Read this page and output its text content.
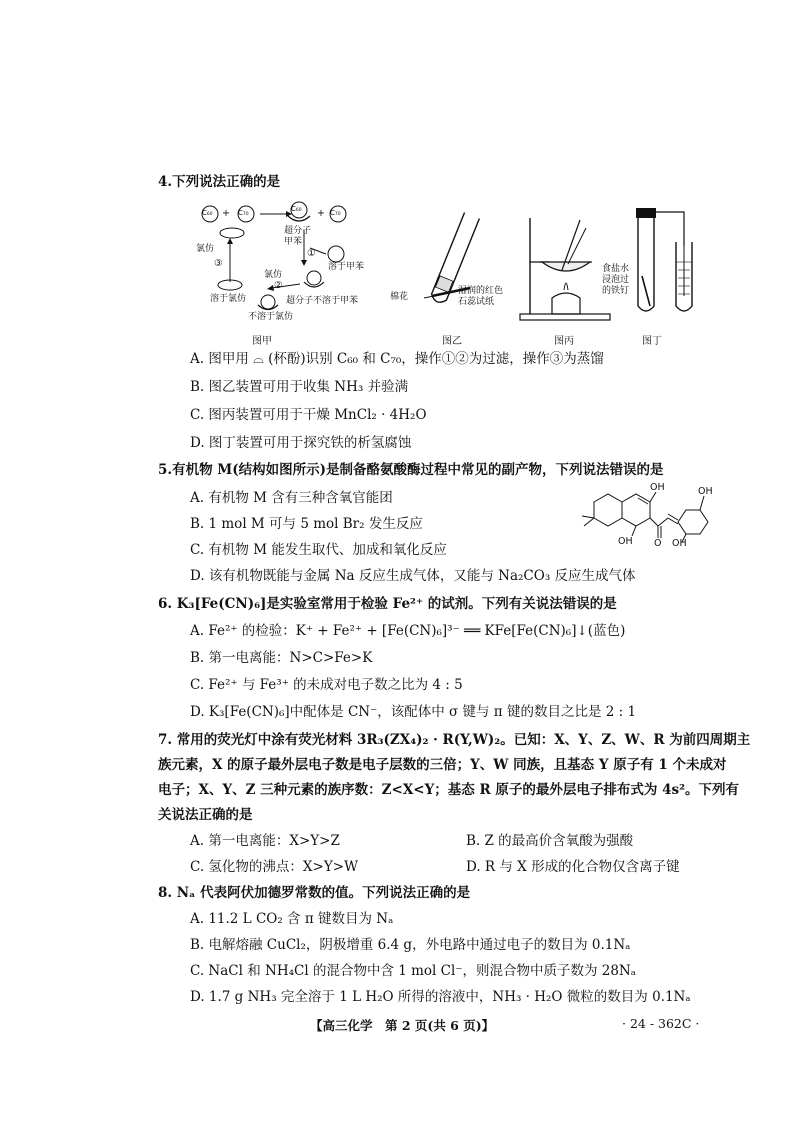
4.下列说法正确的是
C₆₀ + C₇₀	C₆₀ + C₇₀
超分子
甲苯
①
溶于甲苯
氯仿
③
溶于氯仿
氯仿
②
不溶于氯仿
超分子不溶于甲苯
图甲
棉花
湿润的红色
石蕊试纸
图乙	图丙
食盐水
浸泡过
的铁钉
图丁
A. 图甲用 ⌓ (杯酚)识别 C₆₀ 和 C₇₀，操作①②为过滤，操作③为蒸馏
B. 图乙装置可用于收集 NH₃ 并验满
C. 图丙装置可用于干燥 MnCl₂ · 4H₂O
D. 图丁装置可用于探究铁的析氢腐蚀
5.有机物 M(结构如图所示)是制备酪氨酸酶过程中常见的副产物，下列说法错误的是
A. 有机物 M 含有三种含氧官能团
B. 1 mol M 可与 5 mol Br₂ 发生反应
C. 有机物 M 能发生取代、加成和氧化反应
D. 该有机物既能与金属 Na 反应生成气体，又能与 Na₂CO₃ 反应生成气体
OH	OH
OH	OH
O
6. K₃[Fe(CN)₆]是实验室常用于检验 Fe²⁺ 的试剂。下列有关说法错误的是
A. Fe²⁺ 的检验：K⁺ + Fe²⁺ + [Fe(CN)₆]³⁻ ══ KFe[Fe(CN)₆]↓(蓝色)
B. 第一电离能：N>C>Fe>K
C. Fe²⁺ 与 Fe³⁺ 的未成对电子数之比为 4 : 5
D. K₃[Fe(CN)₆]中配体是 CN⁻，该配体中 σ 键与 π 键的数目之比是 2 : 1
7. 常用的荧光灯中涂有荧光材料 3R₃(ZX₄)₂ · R(Y,W)₂。已知：X、Y、Z、W、R 为前四周期主
族元素，X 的原子最外层电子数是电子层数的三倍；Y、W 同族，且基态 Y 原子有 1 个未成对
电子；X、Y、Z 三种元素的族序数：Z<X<Y；基态 R 原子的最外层电子排布式为 4s²。下列有
关说法正确的是
A. 第一电离能：X>Y>Z	B. Z 的最高价含氧酸为强酸
C. 氢化物的沸点：X>Y>W	D. R 与 X 形成的化合物仅含离子键
8. Nₐ 代表阿伏加德罗常数的值。下列说法正确的是
A. 11.2 L CO₂ 含 π 键数目为 Nₐ
B. 电解熔融 CuCl₂，阴极增重 6.4 g，外电路中通过电子的数目为 0.1Nₐ
C. NaCl 和 NH₄Cl 的混合物中含 1 mol Cl⁻，则混合物中质子数为 28Nₐ
D. 1.7 g NH₃ 完全溶于 1 L H₂O 所得的溶液中，NH₃ · H₂O 微粒的数目为 0.1Nₐ
【高三化学　第 2 页(共 6 页)】	· 24 - 362C ·
